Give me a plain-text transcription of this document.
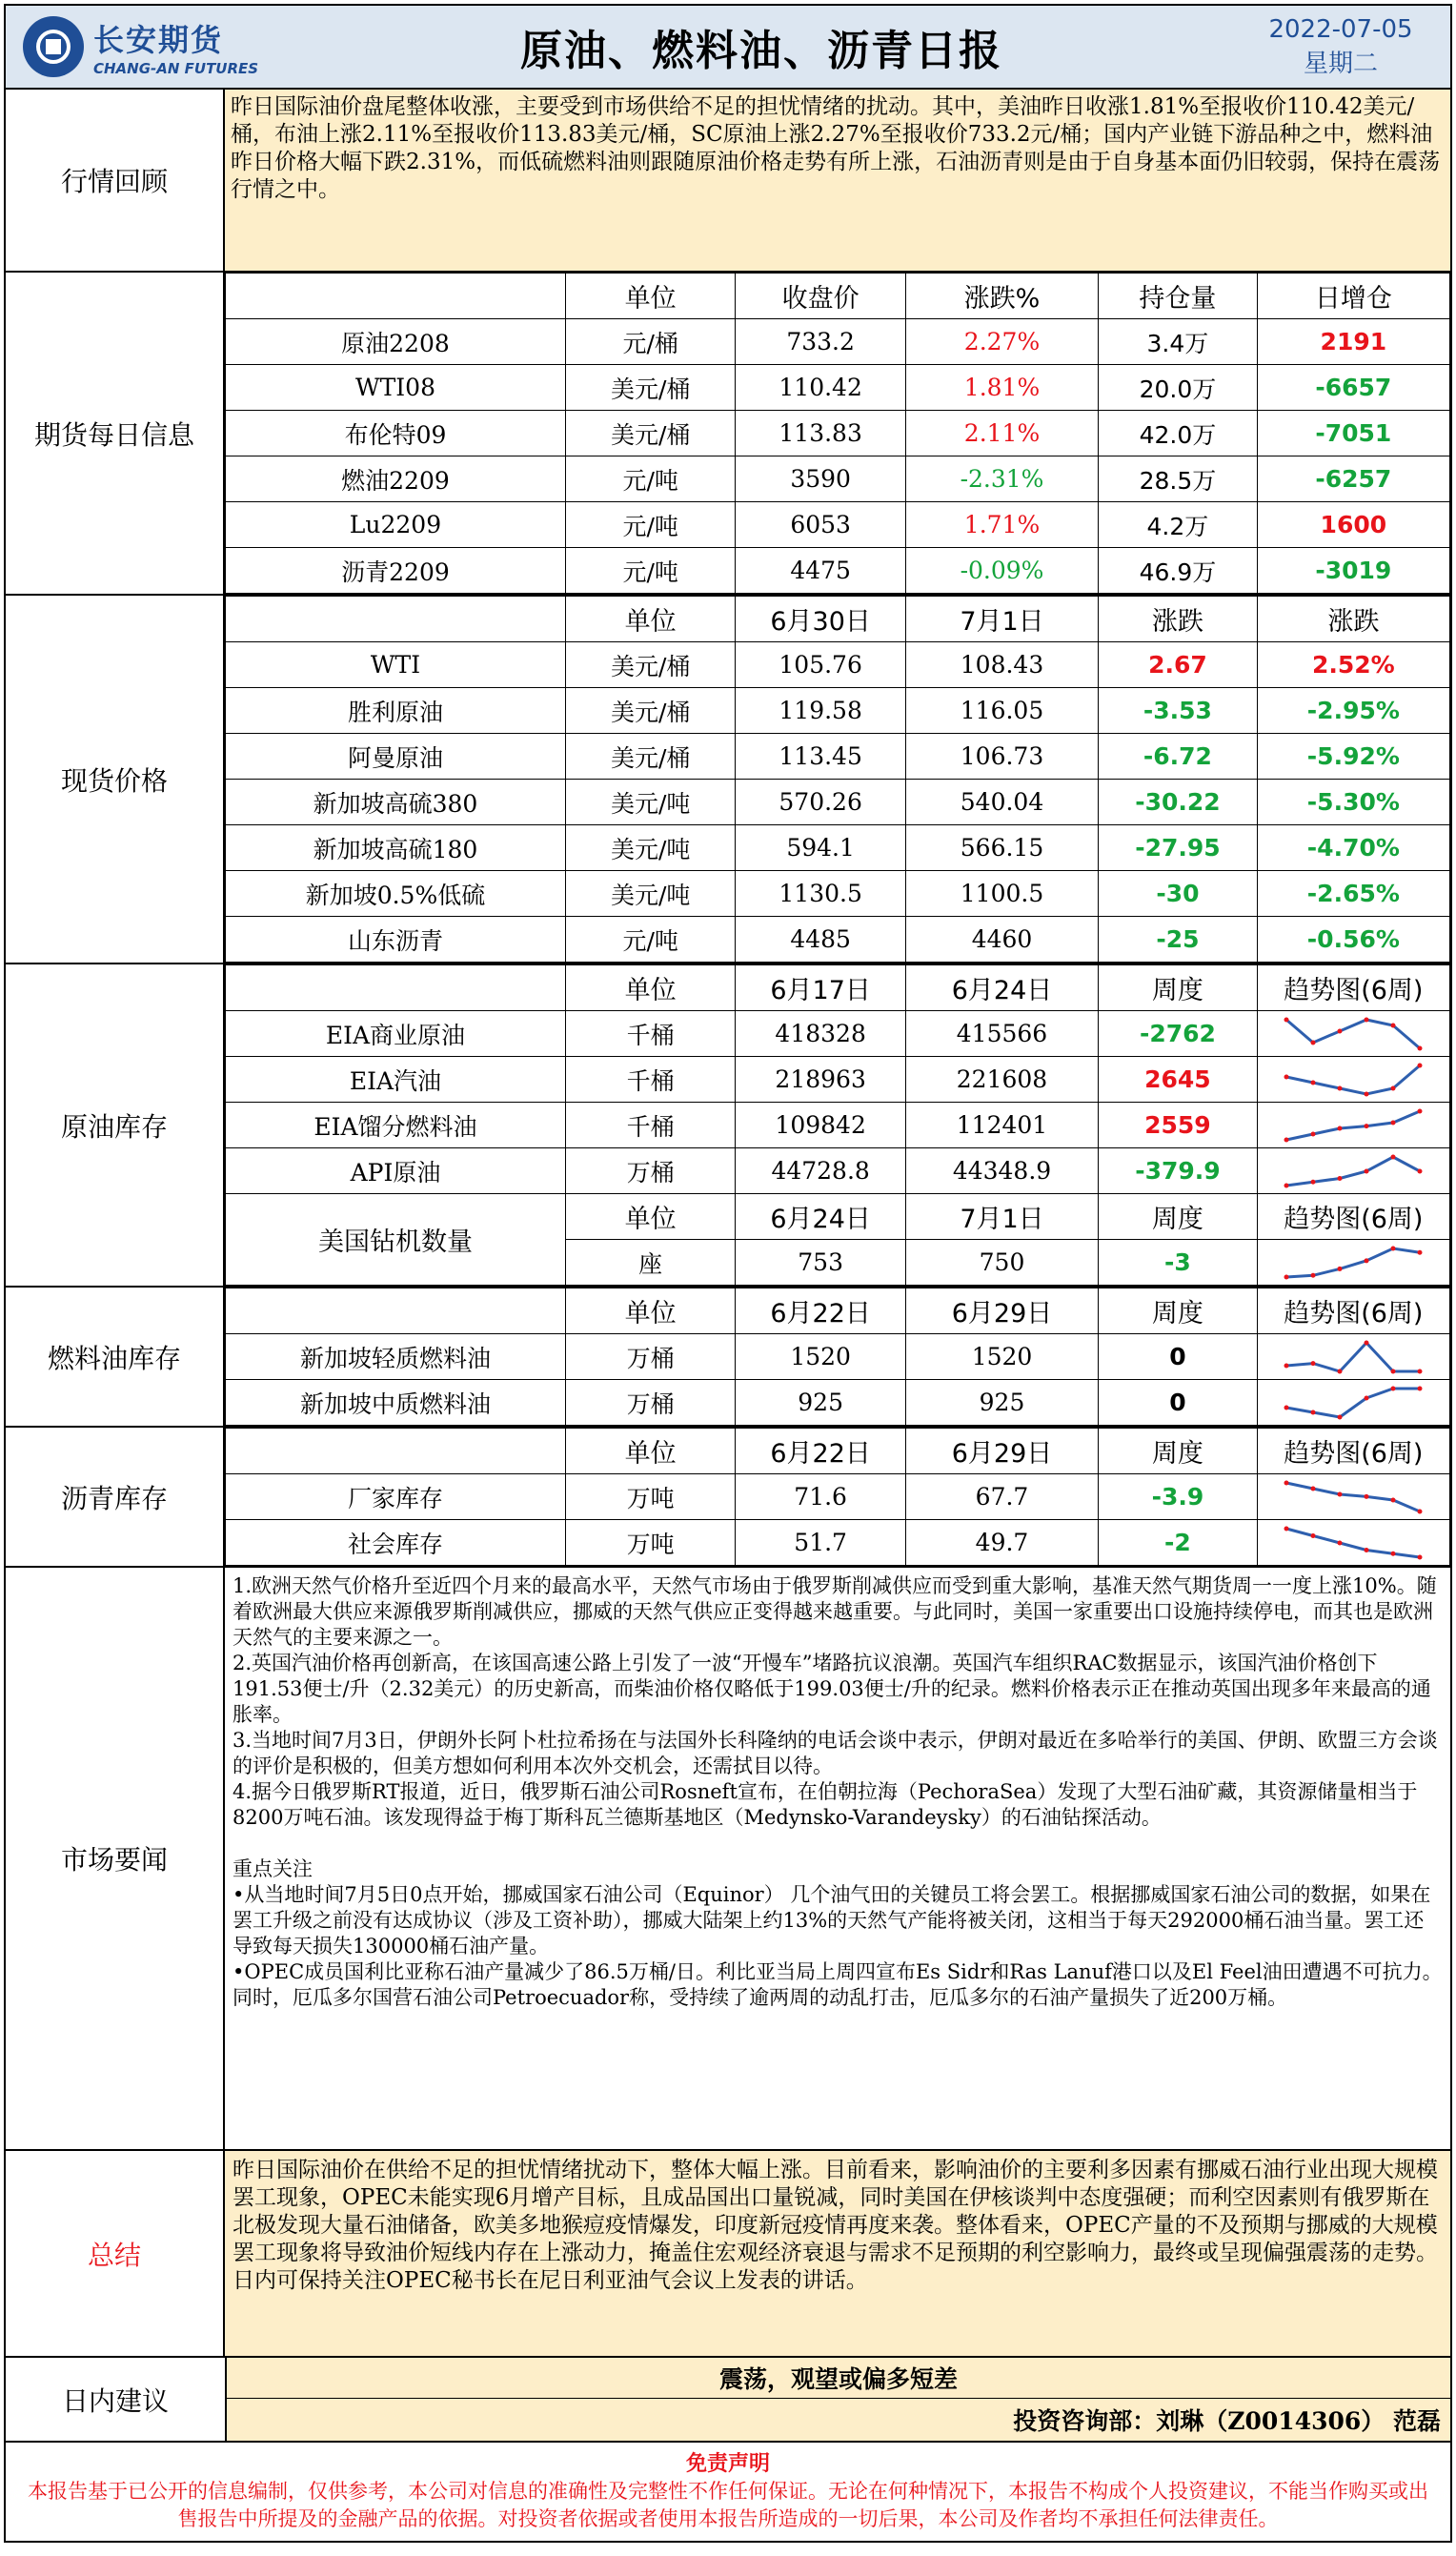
长安期货
CHANG-AN FUTURES	原油、燃料油、沥青日报	2022-07-05
星期二
行情回顾
昨日国际油价盘尾整体收涨，主要受到市场供给不足的担忧情绪的扰动。其中，美油昨日收涨1.81%至报收价110.42美元/桶，布油上涨2.11%至报收价113.83美元/桶，SC原油上涨2.27%至报收价733.2元/桶；国内产业链下游品种之中，燃料油昨日价格大幅下跌2.31%，而低硫燃料油则跟随原油价格走势有所上涨，石油沥青则是由于自身基本面仍旧较弱，保持在震荡行情之中。
期货每日信息
	单位	收盘价	涨跌%	持仓量	日增仓
原油2208	元/桶	733.2	2.27%	3.4万	2191
WTI08	美元/桶	110.42	1.81%	20.0万	-6657
布伦特09	美元/桶	113.83	2.11%	42.0万	-7051
燃油2209	元/吨	3590	-2.31%	28.5万	-6257
Lu2209	元/吨	6053	1.71%	4.2万	1600
沥青2209	元/吨	4475	-0.09%	46.9万	-3019
现货价格
	单位	6月30日	7月1日	涨跌	涨跌
WTI	美元/桶	105.76	108.43	2.67	2.52%
胜利原油	美元/桶	119.58	116.05	-3.53	-2.95%
阿曼原油	美元/桶	113.45	106.73	-6.72	-5.92%
新加坡高硫380	美元/吨	570.26	540.04	-30.22	-5.30%
新加坡高硫180	美元/吨	594.1	566.15	-27.95	-4.70%
新加坡0.5%低硫	美元/吨	1130.5	1100.5	-30	-2.65%
山东沥青	元/吨	4485	4460	-25	-0.56%
原油库存
	单位	6月17日	6月24日	周度	趋势图(6周)
EIA商业原油	千桶	418328	415566	-2762	

EIA汽油	千桶	218963	221608	2645	

EIA馏分燃料油	千桶	109842	112401	2559	

API原油	万桶	44728.8	44348.9	-379.9	

美国钻机数量	单位	6月24日	7月1日	周度	趋势图(6周)
	座	753	750	-3	
燃料油库存
	单位	6月22日	6月29日	周度	趋势图(6周)
新加坡轻质燃料油	万桶	1520	1520	0	

新加坡中质燃料油	万桶	925	925	0	
沥青库存
	单位	6月22日	6月29日	周度	趋势图(6周)
厂家库存	万吨	71.6	67.7	-3.9	

社会库存	万吨	51.7	49.7	-2	
市场要闻

1.欧洲天然气价格升至近四个月来的最高水平，天然气市场由于俄罗斯削减供应而受到重大影响，基准天然气期货周一一度上涨10%。随着欧洲最大供应来源俄罗斯削减供应，挪威的天然气供应正变得越来越重要。与此同时，美国一家重要出口设施持续停电，而其也是欧洲天然气的主要来源之一。

2.英国汽油价格再创新高，在该国高速公路上引发了一波“开慢车”堵路抗议浪潮。英国汽车组织RAC数据显示，该国汽油价格创下191.53便士/升（2.32美元）的历史新高，而柴油价格仅略低于199.03便士/升的纪录。燃料价格表示正在推动英国出现多年来最高的通胀率。

3.当地时间7月3日，伊朗外长阿卜杜拉希扬在与法国外长科隆纳的电话会谈中表示，伊朗对最近在多哈举行的美国、伊朗、欧盟三方会谈的评价是积极的，但美方想如何利用本次外交机会，还需拭目以待。

4.据今日俄罗斯RT报道，近日，俄罗斯石油公司Rosneft宣布，在伯朝拉海（PechoraSea）发现了大型石油矿藏，其资源储量相当于8200万吨石油。该发现得益于梅丁斯科瓦兰德斯基地区（Medynsko-Varandeysky）的石油钻探活动。

重点关注

•从当地时间7月5日0点开始，挪威国家石油公司（Equinor） 几个油气田的关键员工将会罢工。根据挪威国家石油公司的数据，如果在罢工升级之前没有达成协议（涉及工资补助），挪威大陆架上约13%的天然气产能将被关闭，这相当于每天292000桶石油当量。罢工还导致每天损失130000桶石油产量。

•OPEC成员国利比亚称石油产量减少了86.5万桶/日。利比亚当局上周四宣布Es Sidr和Ras Lanuf港口以及El Feel油田遭遇不可抗力。 同时，厄瓜多尔国营石油公司Petroecuador称，受持续了逾两周的动乱打击，厄瓜多尔的石油产量损失了近200万桶。

总结
昨日国际油价在供给不足的担忧情绪扰动下，整体大幅上涨。目前看来，影响油价的主要利多因素有挪威石油行业出现大规模罢工现象，OPEC未能实现6月增产目标，且成品国出口量锐减，同时美国在伊核谈判中态度强硬；而利空因素则有俄罗斯在北极发现大量石油储备，欧美多地猴痘疫情爆发，印度新冠疫情再度来袭。整体看来，OPEC产量的不及预期与挪威的大规模罢工现象将导致油价短线内存在上涨动力，掩盖住宏观经济衰退与需求不足预期的利空影响力，最终或呈现偏强震荡的走势。日内可保持关注OPEC秘书长在尼日利亚油气会议上发表的讲话。
日内建议
震荡，观望或偏多短差
投资咨询部：刘琳（Z0014306） 范磊
免责声明
本报告基于已公开的信息编制，仅供参考，本公司对信息的准确性及完整性不作任何保证。无论在何种情况下，本报告不构成个人投资建议，不能当作购买或出售报告中所提及的金融产品的依据。对投资者依据或者使用本报告所造成的一切后果，本公司及作者均不承担任何法律责任。
